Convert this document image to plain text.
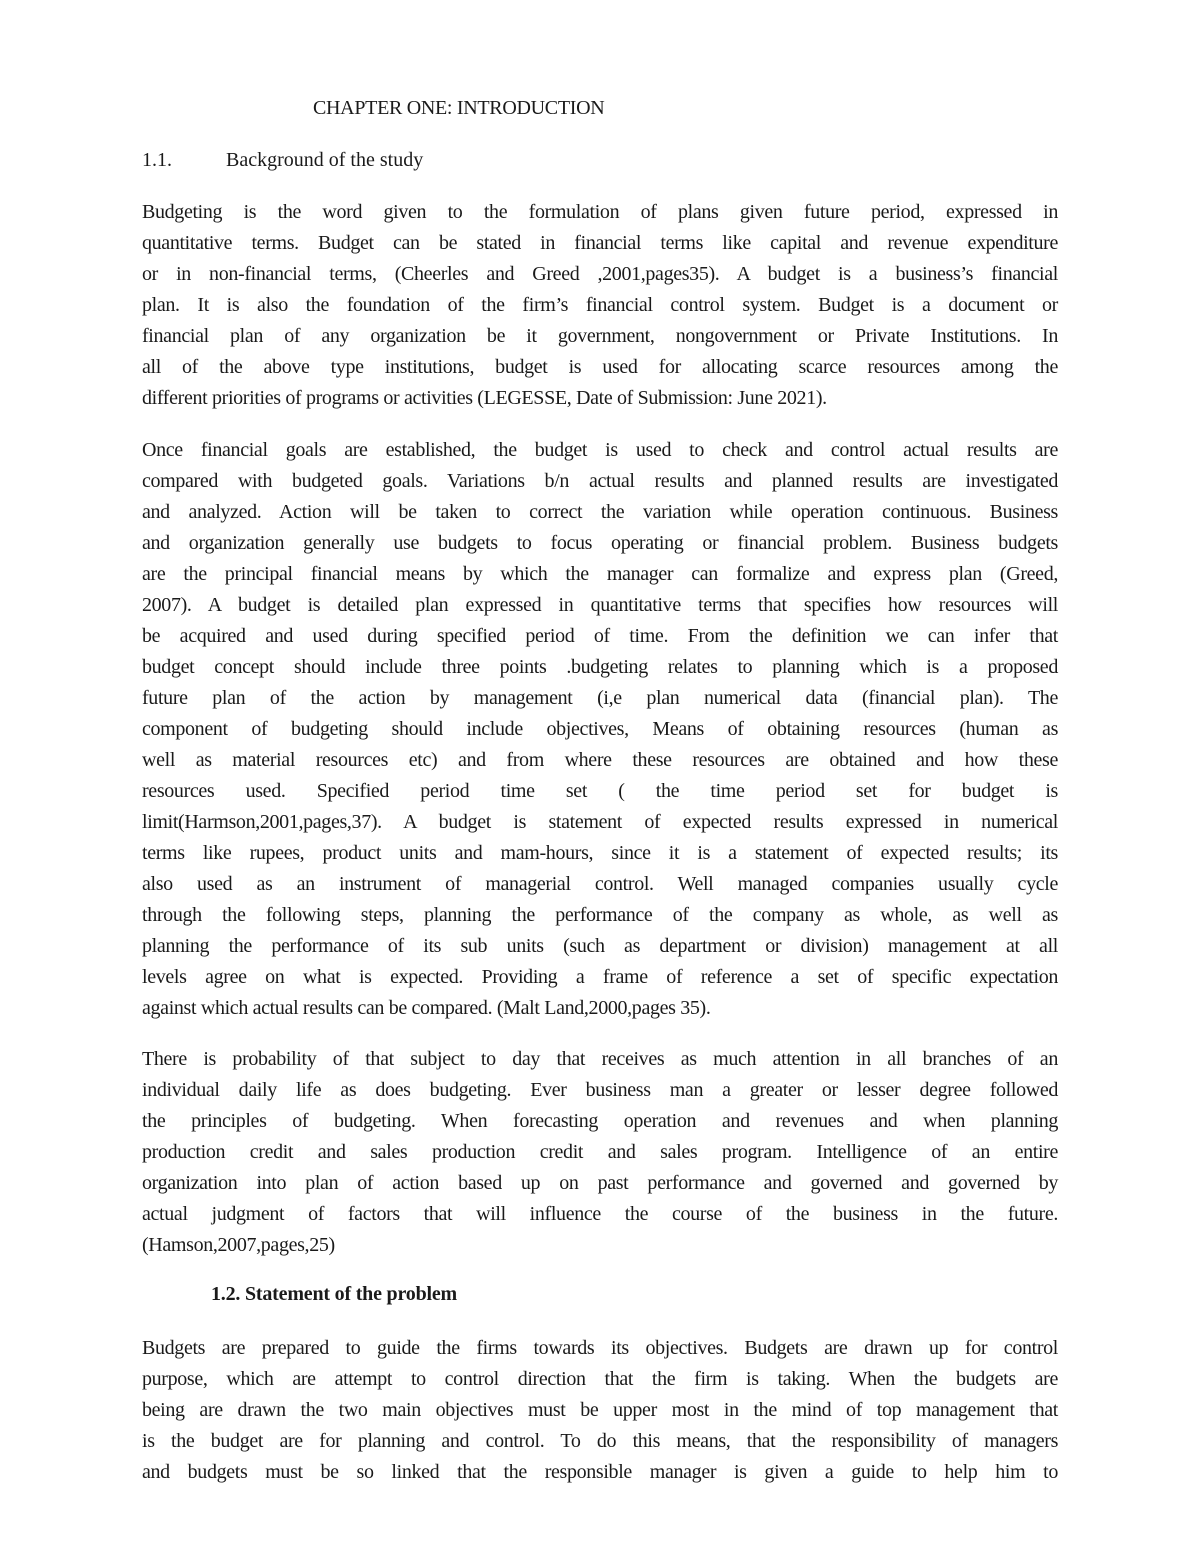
CHAPTER ONE: INTRODUCTION
1.1.	Background of the study
Budgeting is the word given to the formulation of plans given future period, expressed in
quantitative terms. Budget can be stated in financial terms like capital and revenue expenditure
or in non-financial terms, (Cheerles and Greed ,2001,pages35). A budget is a business’s financial
plan. It is also the foundation of the firm’s financial control system. Budget is a document or
financial plan of any organization be it government, nongovernment or Private Institutions. In
all of the above type institutions, budget is used for allocating scarce resources among the
different priorities of programs or activities (LEGESSE, Date of Submission: June 2021).
Once financial goals are established, the budget is used to check and control actual results are
compared with budgeted goals. Variations b/n actual results and planned results are investigated
and analyzed. Action will be taken to correct the variation while operation continuous. Business
and organization generally use budgets to focus operating or financial problem. Business budgets
are the principal financial means by which the manager can formalize and express plan (Greed,
2007). A budget is detailed plan expressed in quantitative terms that specifies how resources will
be acquired and used during specified period of time. From the definition we can infer that
budget concept should include three points .budgeting relates to planning which is a proposed
future plan of the action by management (i,e plan numerical data (financial plan). The
component of budgeting should include objectives, Means of obtaining resources (human as
well as material resources etc) and from where these resources are obtained and how these
resources used. Specified period time set ( the time period set for budget is
limit(Harmson,2001,pages,37). A budget is statement of expected results expressed in numerical
terms like rupees, product units and mam-hours, since it is a statement of expected results; its
also used as an instrument of managerial control. Well managed companies usually cycle
through the following steps, planning the performance of the company as whole, as well as
planning the performance of its sub units (such as department or division) management at all
levels agree on what is expected. Providing a frame of reference a set of specific expectation
against which actual results can be compared. (Malt Land,2000,pages 35).
There is probability of that subject to day that receives as much attention in all branches of an
individual daily life as does budgeting. Ever business man a greater or lesser degree followed
the principles of budgeting. When forecasting operation and revenues and when planning
production credit and sales production credit and sales program. Intelligence of an entire
organization into plan of action based up on past performance and governed and governed by
actual judgment of factors that will influence the course of the business in the future.
(Hamson,2007,pages,25)
1.2. Statement of the problem
Budgets are prepared to guide the firms towards its objectives. Budgets are drawn up for control
purpose, which are attempt to control direction that the firm is taking. When the budgets are
being are drawn the two main objectives must be upper most in the mind of top management that
is the budget are for planning and control. To do this means, that the responsibility of managers
and budgets must be so linked that the responsible manager is given a guide to help him to
